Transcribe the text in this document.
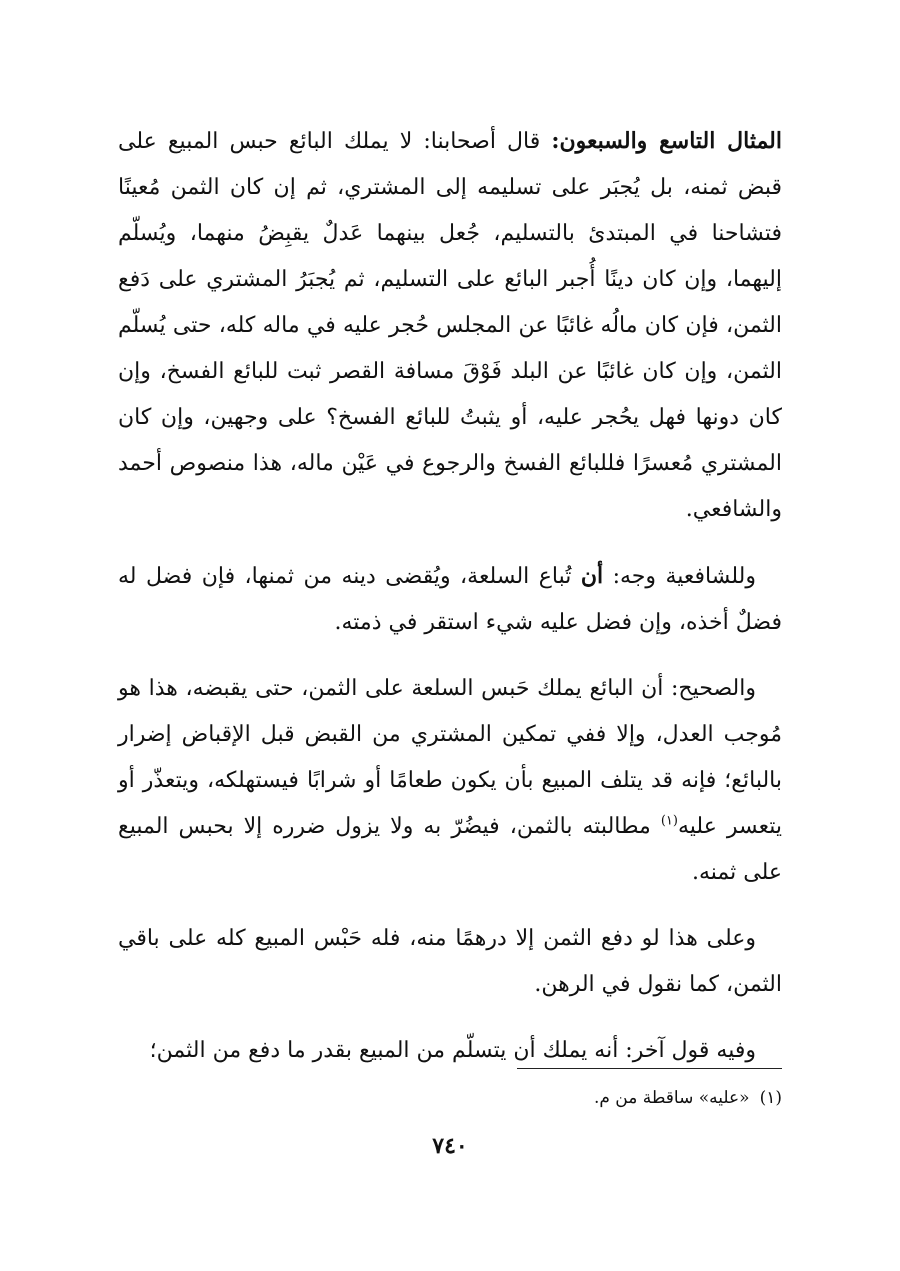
المثال التاسع والسبعون: قال أصحابنا: لا يملك البائع حبس المبيع على قبض ثمنه، بل يُجبَر على تسليمه إلى المشتري، ثم إن كان الثمن مُعينًا فتشاحنا في المبتدئ بالتسليم، جُعل بينهما عَدلٌ يقبِضُ منهما، ويُسلّم إليهما، وإن كان دينًا أُجبر البائع على التسليم، ثم يُجبَرُ المشتري على دَفع الثمن، فإن كان مالُه غائبًا عن المجلس حُجر عليه في ماله كله، حتى يُسلّم الثمن، وإن كان غائبًا عن البلد فَوْقَ مسافة القصر ثبت للبائع الفسخ، وإن كان دونها فهل يحُجر عليه، أو يثبتُ للبائع الفسخ؟ على وجهين، وإن كان المشتري مُعسرًا فللبائع الفسخ والرجوع في عَيْن ماله، هذا منصوص أحمد والشافعي.

وللشافعية وجه: أن تُباع السلعة، ويُقضى دينه من ثمنها، فإن فضل له فضلٌ أخذه، وإن فضل عليه شيء استقر في ذمته.

والصحيح: أن البائع يملك حَبس السلعة على الثمن، حتى يقبضه، هذا هو مُوجب العدل، وإلا ففي تمكين المشتري من القبض قبل الإقباض إضرار بالبائع؛ فإنه قد يتلف المبيع بأن يكون طعامًا أو شرابًا فيستهلكه، ويتعذّر أو يتعسر عليه$^{(١)}$ مطالبته بالثمن، فيضُرّ به ولا يزول ضرره إلا بحبس المبيع على ثمنه.

وعلى هذا لو دفع الثمن إلا درهمًا منه، فله حَبْس المبيع كله على باقي الثمن، كما نقول في الرهن.

وفيه قول آخر: أنه يملك أن يتسلّم من المبيع بقدر ما دفع من الثمن؛

(١)«عليه» ساقطة من م.
٧٤٠
